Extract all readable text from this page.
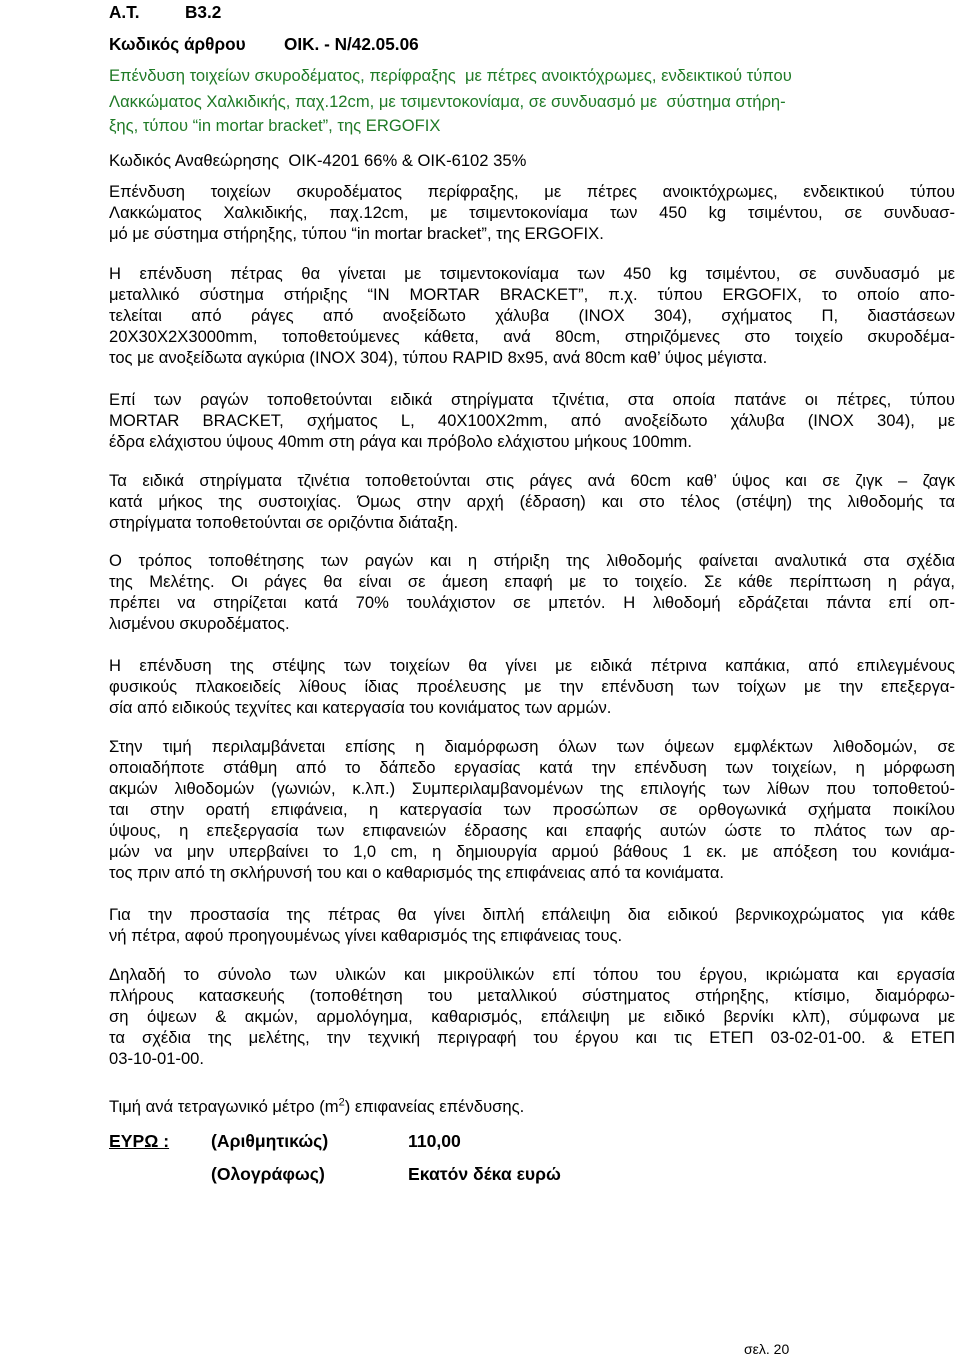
Α.Τ.	Β3.2
Κωδικός άρθρου ΟΙΚ. - Ν/42.05.06
Επένδυση τοιχείων σκυροδέματος, περίφραξης  με πέτρες ανοικτόχρωμες, ενδεικτικού τύπου
Λακκώματος Χαλκιδικής, παχ.12cm, με τσιμεντοκονίαμα, σε συνδυασμό με  σύστημα στήρη-
ξης, τύπου “in mortar bracket”, της ERGOFIX
Κωδικός Αναθεώρησης  ΟΙΚ-4201 66% & ΟΙΚ-6102 35%
Επένδυση τοιχείων σκυροδέματος περίφραξης, με πέτρες ανοικτόχρωμες, ενδεικτικού τύπου
Λακκώματος Χαλκιδικής, παχ.12cm, με τσιμεντοκονίαμα των 450 kg τσιμέντου, σε συνδυασ-
μό με σύστημα στήρηξης, τύπου “in mortar bracket”, της ERGOFIX.
Η επένδυση πέτρας θα γίνεται με τσιμεντοκονίαμα των 450 kg τσιμέντου, σε συνδυασμό με
μεταλλικό σύστημα στήριξης “IN MORTAR BRACKET”, π.χ. τύπου ERGOFIX, το οποίο απο-
τελείται από ράγες από ανοξείδωτο χάλυβα (INOX 304), σχήματος Π, διαστάσεων
20Χ30Χ2Χ3000mm, τοποθετούμενες κάθετα, ανά 80cm, στηριζόμενες στο τοιχείο σκυροδέμα-
τος με ανοξείδωτα αγκύρια (INOX 304), τύπου RAPID 8x95, ανά 80cm καθ’ ύψος μέγιστα.
Επί των ραγών τοποθετούνται ειδικά στηρίγματα τζινέτια, στα οποία πατάνε οι πέτρες, τύπου
MORTAR BRACKET, σχήματος L, 40X100X2mm, από ανοξείδωτο χάλυβα (INOX 304), με
έδρα ελάχιστου ύψους 40mm στη ράγα και πρόβολο ελάχιστου μήκους 100mm.
Τα ειδικά στηρίγματα τζινέτια τοποθετούνται στις ράγες ανά 60cm καθ’ ύψος και σε ζιγκ – ζαγκ
κατά μήκος της συστοιχίας. Όμως στην αρχή (έδραση) και στο τέλος (στέψη) της λιθοδομής τα
στηρίγματα τοποθετούνται σε οριζόντια διάταξη.
Ο τρόπος τοποθέτησης των ραγών και η στήριξη της λιθοδομής φαίνεται αναλυτικά στα σχέδια
της Μελέτης. Οι ράγες θα είναι σε άμεση επαφή με το τοιχείο. Σε κάθε περίπτωση η ράγα,
πρέπει να στηρίζεται κατά 70% τουλάχιστον σε μπετόν. Η λιθοδομή εδράζεται πάντα επί οπ-
λισμένου σκυροδέματος.
Η επένδυση της στέψης των τοιχείων θα γίνει με ειδικά πέτρινα καπάκια, από επιλεγμένους
φυσικούς πλακοειδείς λίθους ίδιας προέλευσης με την επένδυση των τοίχων με την επεξεργα-
σία από ειδικούς τεχνίτες και κατεργασία του κονιάματος των αρμών.
Στην τιμή περιλαμβάνεται επίσης η διαμόρφωση όλων των όψεων εμφλέκτων λιθοδομών, σε
οποιαδήποτε στάθμη από το δάπεδο εργασίας κατά την επένδυση των τοιχείων, η μόρφωση
ακμών λιθοδομών (γωνιών, κ.λπ.) Συμπεριλαμβανομένων της επιλογής των λίθων που τοποθετού-
ται στην ορατή επιφάνεια, η κατεργασία των προσώπων σε ορθογωνικά σχήματα ποικίλου
ύψους, η επεξεργασία των επιφανειών έδρασης και επαφής αυτών ώστε το πλάτος των αρ-
μών να μην υπερβαίνει το 1,0 cm, η δημιουργία αρμού βάθους 1 εκ. με απόξεση του κονιάμα-
τος πριν από τη σκλήρυνσή του και ο καθαρισμός της επιφάνειας από τα κονιάματα.
Για την προστασία της πέτρας θα γίνει διπλή επάλειψη δια ειδικού βερνικοχρώματος για κάθε
νή πέτρα, αφού προηγουμένως γίνει καθαρισμός της επιφάνειας τους.
Δηλαδή το σύνολο των υλικών και μικροϋλικών επί τόπου του έργου, ικριώματα και εργασία
πλήρους κατασκευής (τοποθέτηση του μεταλλικού σύστηματος στήρηξης, κτίσιμο, διαμόρφω-
ση όψεων & ακμών, αρμολόγημα, καθαρισμός, επάλειψη με ειδικό βερνίκι κλπ), σύμφωνα με
τα σχέδια της μελέτης, την τεχνική περιγραφή του έργου και τις ΕΤΕΠ 03-02-01-00. & ΕΤΕΠ
03-10-01-00.
Τιμή ανά τετραγωνικό μέτρο $(m^2)$ επιφανείας επένδυσης.
ΕΥΡΩ : (Αριθμητικώς)	110,00
(Ολογράφως)	Εκατόν δέκα ευρώ
σελ. 20
